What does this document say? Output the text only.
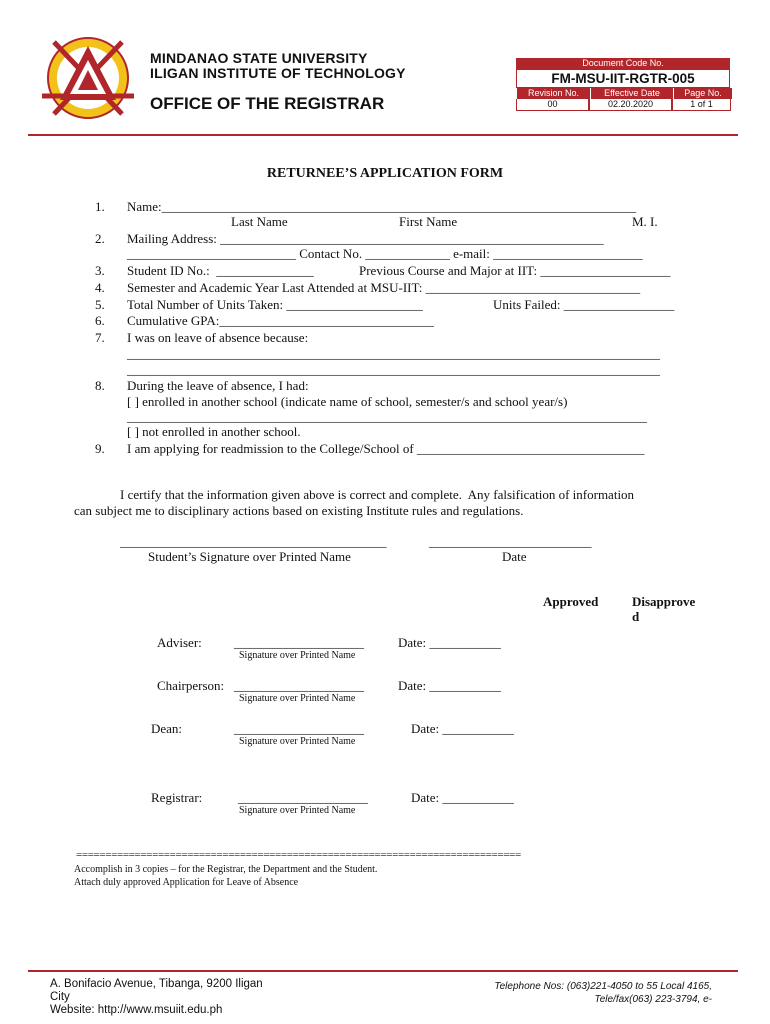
MINDANAO STATE UNIVERSITY
ILIGAN INSTITUTE OF TECHNOLOGY
OFFICE OF THE REGISTRAR
Document Code No.
FM-MSU-IIT-RGTR-005
Revision No.	Effective Date	Page No.
00	02.20.2020	1 of 1
RETURNEE’S APPLICATION FORM
1. Name:_________________________________________________________________________
Last Name	First Name	M. I.
2. Mailing Address: ___________________________________________________________
__________________________ Contact No. _____________ e-mail: _______________________
3. Student ID No.:  _______________	Previous Course and Major at IIT: ____________________
4. Semester and Academic Year Last Attended at MSU-IIT: _________________________________
5. Total Number of Units Taken: _____________________	Units Failed: _________________
6. Cumulative GPA:_________________________________
7. I was on leave of absence because:
__________________________________________________________________________________
__________________________________________________________________________________
8. During the leave of absence, I had:
[ ] enrolled in another school (indicate name of school, semester/s and school year/s)
________________________________________________________________________________
[ ] not enrolled in another school.
9. I am applying for readmission to the College/School of ___________________________________
I certify that the information given above is correct and complete.  Any falsification of information
can subject me to disciplinary actions based on existing Institute rules and regulations.
_________________________________________	_________________________
Student’s Signature over Printed Name	Date
Approved	Disapprove
d
Adviser: ____________________	Date: ___________
Signature over Printed Name
Chairperson: ____________________	Date: ___________
Signature over Printed Name
Dean:	____________________	Date: ___________
Signature over Printed Name
Registrar:	____________________	Date: ___________
Signature over Printed Name
============================================================================
Accomplish in 3 copies – for the Registrar, the Department and the Student.
Attach duly approved Application for Leave of Absence
A. Bonifacio Avenue, Tibanga, 9200 Iligan
City
Website: http://www.msuiit.edu.ph
Telephone Nos: (063)221-4050 to 55 Local 4165,
Tele/fax(063) 223-3794, e-
